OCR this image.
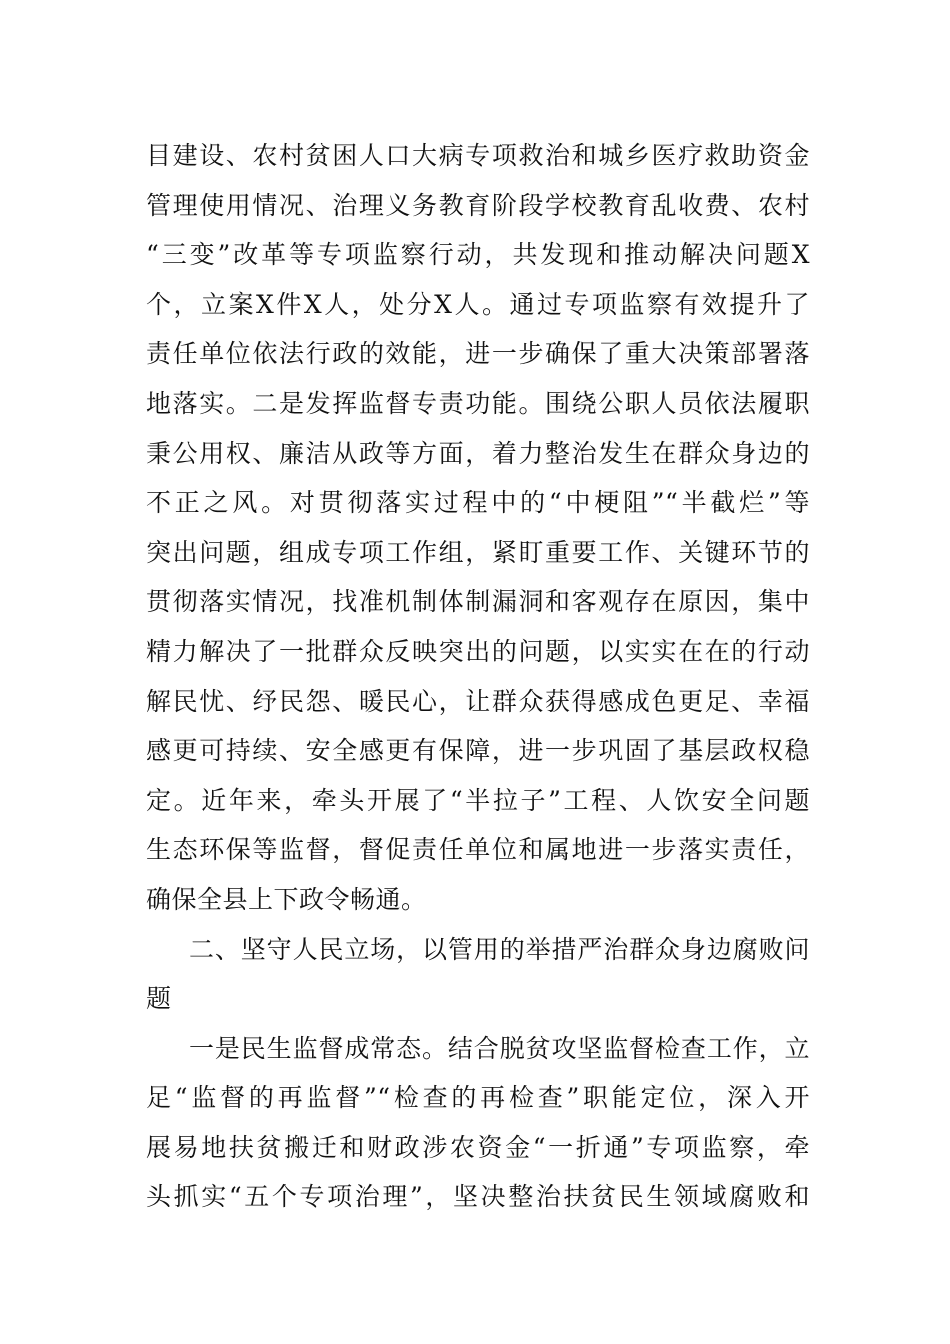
目建设、农村贫困人口大病专项救治和城乡医疗救助资金
管理使用情况、治理义务教育阶段学校教育乱收费、农村
“三变”改革等专项监察行动，共发现和推动解决问题X
个，立案X件X人，处分X人。通过专项监察有效提升了
责任单位依法行政的效能，进一步确保了重大决策部署落
地落实。二是发挥监督专责功能。围绕公职人员依法履职
秉公用权、廉洁从政等方面，着力整治发生在群众身边的
不正之风。对贯彻落实过程中的“中梗阻”“半截烂”等
突出问题，组成专项工作组，紧盯重要工作、关键环节的
贯彻落实情况，找准机制体制漏洞和客观存在原因，集中
精力解决了一批群众反映突出的问题，以实实在在的行动
解民忧、纾民怨、暖民心，让群众获得感成色更足、幸福
感更可持续、安全感更有保障，进一步巩固了基层政权稳
定。近年来，牵头开展了“半拉子”工程、人饮安全问题
生态环保等监督，督促责任单位和属地进一步落实责任，
确保全县上下政令畅通。
二、坚守人民立场，以管用的举措严治群众身边腐败问
题
一是民生监督成常态。结合脱贫攻坚监督检查工作，立
足“监督的再监督”“检查的再检查”职能定位，深入开
展易地扶贫搬迁和财政涉农资金“一折通”专项监察，牵
头抓实“五个专项治理”，坚决整治扶贫民生领域腐败和
